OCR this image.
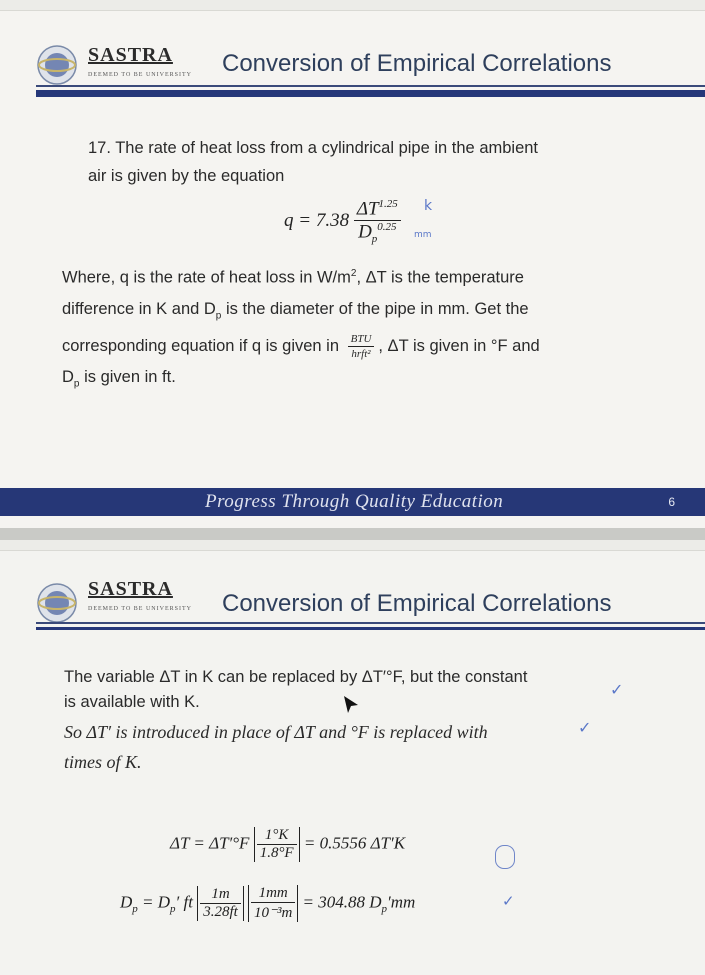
SASTRA
DEEMED TO BE UNIVERSITY Conversion of Empirical Correlations
17. The rate of heat loss from a cylindrical pipe in the ambient
air is given by the equation
$q = 7.38 \frac{\Delta T^{1.25}}{D_p^{0.25}}$ k
mm
Where, q is the rate of heat loss in $W/m^2$, ΔT is the temperature
difference in K and $D_p$ is the diameter of the pipe in mm. Get the
corresponding equation if q is given in $\frac{\text{BTU}}{\text{hrft²}}$ , ΔT is given in °F and
$D_p$ is given in ft.
Progress Through Quality Education	6
SASTRA
DEEMED TO BE UNIVERSITY Conversion of Empirical Correlations
The variable ΔT in K can be replaced by ΔT′°F, but the constant
is available with K.
So ΔT′ is introduced in place of ΔT and °F is replaced with
times of K.
✓
✓
$\Delta T = \Delta T'^\circ F \frac{1^\circ K}{1.8^\circ F} = 0.5556$ ΔT′K
$D_p = D_p'$ ft $\frac{1m}{3.28ft}$
$\frac{1mm}{\text{10⁻³m}} = 304.88$ $D_p'mm$	✓
